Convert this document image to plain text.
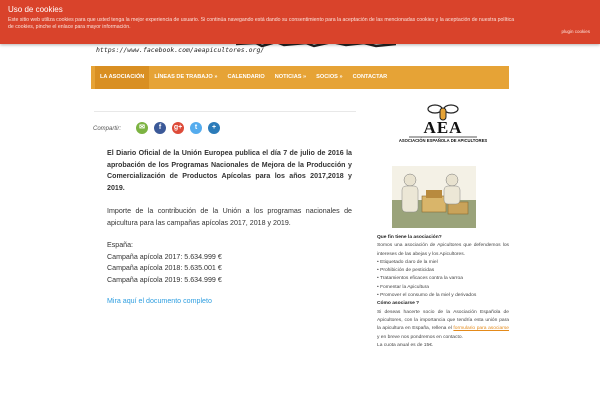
https://www.facebook.com/aeapicultores.org/
Uso de cookies
Este sitio web utiliza cookies para que usted tenga la mejor experiencia de usuario. Si continúa navegando está dando su consentimiento para la aceptación de las mencionadas cookies y la aceptación de nuestra política de cookies, pinche el enlace para mayor información.
plugin cookies
LA ASOCIACIÓN	LÍNEAS DE TRABAJO »	CALENDARIO	NOTICIAS »	SOCIOS »	CONTACTAR
Compartir:	✉	f	g+	t	+
El Diario Oficial de la Unión Europea publica el día 7 de julio de 2016 la aprobación de los Programas Nacionales de Mejora de la Producción y Comercialización de Productos Apícolas para los años 2017,2018 y 2019.
Importe de la contribución de la Unión a los programas nacionales de apicultura para las campañas apícolas 2017, 2018 y 2019.
España:
Campaña apícola 2017: 5.634.999 €
Campaña apícola 2018: 5.635.001 €
Campaña apícola 2019: 5.634.999 €
Mira aquí el documento completo
AEA
ASOCIACIÓN ESPAÑOLA DE APICULTORES
Que fin tiene la asociación?
Somos una asociación de Apicultores que defendemos los intereses de las abejas y los Apicultores.
• Etiquetado claro de la miel
• Prohibición de pesticidas
• Tratamientos eficaces contra la varroa
• Fomentar la Apicultura
• Promover el consumo de la miel y derivados
Cómo asociarse ?
Si deseas hacerte socio de la Asociación Española de Apicultores, con la importancia que tendría esta unión para la apicultura en España, rellena el formulario para asociarse y en breve nos pondremos en contacto.
La cuota anual es de 15€.
